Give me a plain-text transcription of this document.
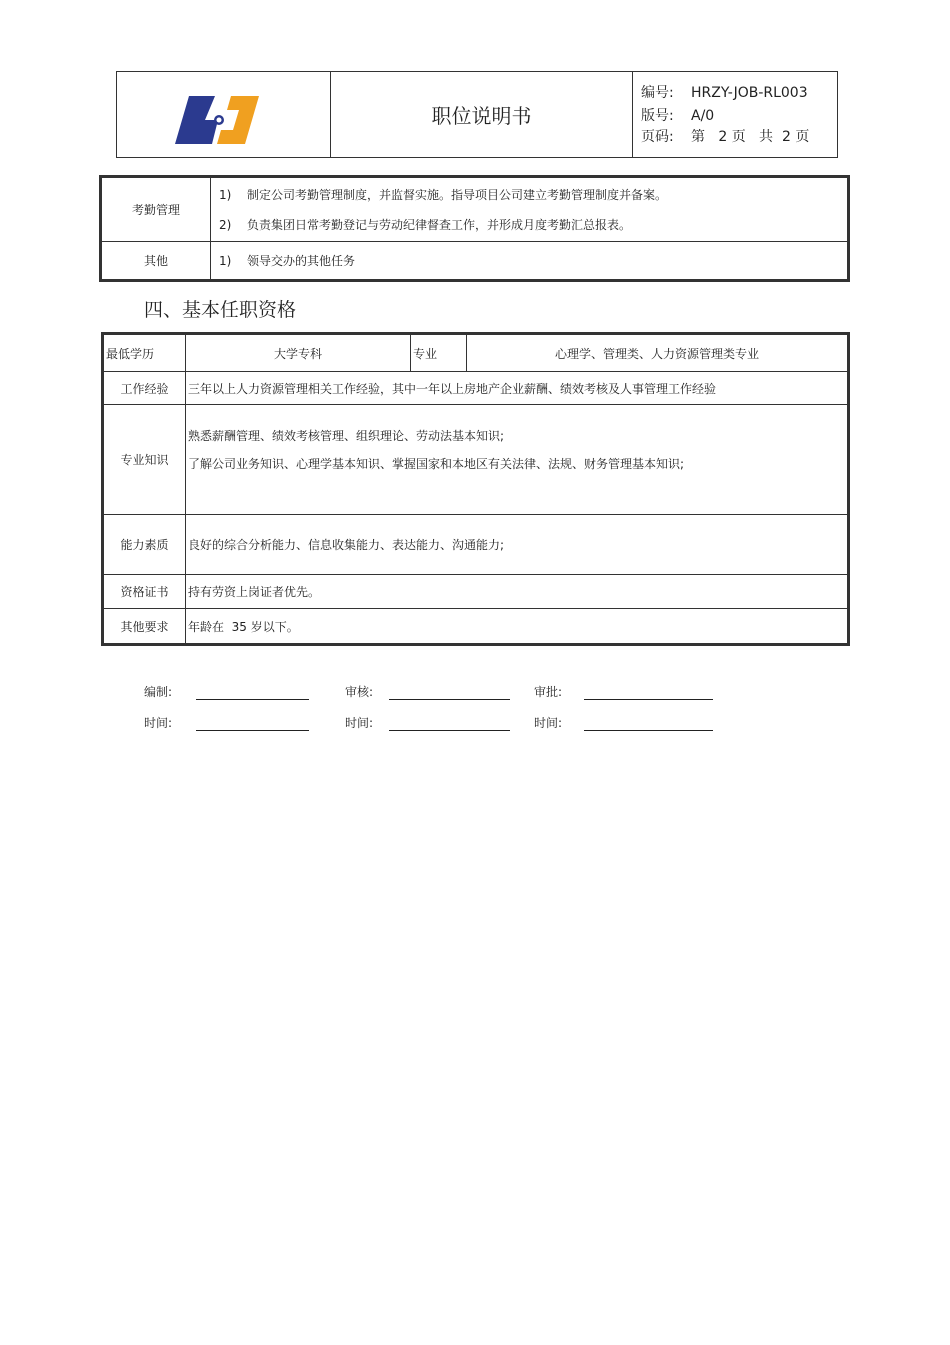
职位说明书
编号: HRZY-JOB-RL003
版号: A/0
页码: 第   2 页   共  2 页
考勤管理	1) 制定公司考勤管理制度，并监督实施。指导项目公司建立考勤管理制度并备案。
2) 负责集团日常考勤登记与劳动纪律督查工作，并形成月度考勤汇总报表。

其他	1) 领导交办的其他任务
四、基本任职资格
最低学历	大学专科	专业	心理学、管理类、人力资源管理类专业
工作经验	三年以上人力资源管理相关工作经验，其中一年以上房地产企业薪酬、绩效考核及人事管理工作经验		
专业知识	熟悉薪酬管理、绩效考核管理、组织理论、劳动法基本知识;
了解公司业务知识、心理学基本知识、掌握国家和本地区有关法律、法规、财务管理基本知识;		

能力素质	良好的综合分析能力、信息收集能力、表达能力、沟通能力;		
资格证书	持有劳资上岗证者优先。		
其他要求	年龄在  35 岁以下。		
编制:	审核:	审批:
时间:	时间:	时间:
